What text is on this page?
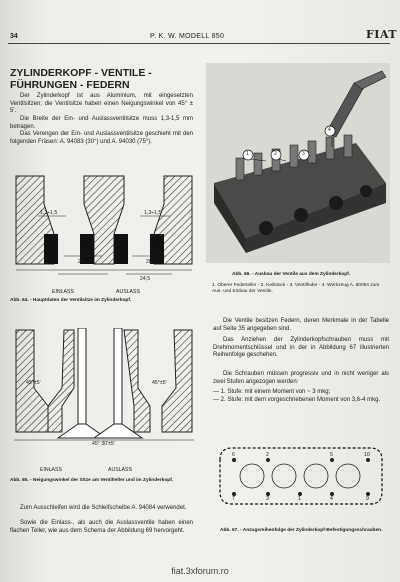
34	P. K. W. MODELL 850	FIAT
ZYLINDERKOPF - VENTILE - FÜHRUNGEN - FEDERN

Der Zylinderkopf ist aus Aluminium, mit eingesetzten Ventilsitzen; die Ventilsitze haben einen Neigungswinkel von 45° ± 5'.

Die Breite der Ein- und Auslassventilsitze muss 1,3-1,5 mm betragen.

Das Verengen der Ein- und Auslassventilsitze geschieht mit den folgenden Fräsen: A. 94083 (30°) und A. 94030 (75°).

1,3÷1,5	1,3÷1,5
24	28
24,5
EINLASS	AUSLASS

Abb. 64. - Hauptdaten der Ventilsitze im Zylinderkopf.

45°±5'	45°±5'
45° 30'±5'
EINLASS	AUSLASS

Abb. 65. - Neigungswinkel der Sitze am Ventilteller und im Zylinderkopf.

Zum Ausschleifen wird die Schleifscheibe A. 94084 verwendet.

Sowie die Einlass-, als auch die Auslassventile haben einen flachen Teller, wie aus dem Schema der Abbildung 69 hervorgeht.

1	2	3
4

Abb. 66. - Ausbau der Ventile aus dem Zylinderkopf.

1. Oberer Federteller - 2. Keilstück - 3. Ventilfeder - 4. Werkzeug A. 60084 zum Aus- und Einbau der Ventile.

Die Ventile besitzen Federn, deren Merkmale in der Tabelle auf Seite 35 angegeben sind.

Das Anziehen der Zylinderkopfschrauben muss mit Drehmomentschlüssel und in der in Abbildung 67 illustrierten Reihenfolge geschehen.

Die Schrauben müssen progressiv und in nicht weniger als zwei Stufen angezogen werden:

— 1. Stufe: mit einem Moment von ~ 3 mkg;
— 2. Stufe: mit dem vorgeschriebenen Moment von 3,6-4 mkg.
6	2	5	10
7	3	1	4	9

Abb. 67. - Anzugsreihenfolge der Zylinderkopf-Befestigungsschrauben.

fiat.3xforum.ro
